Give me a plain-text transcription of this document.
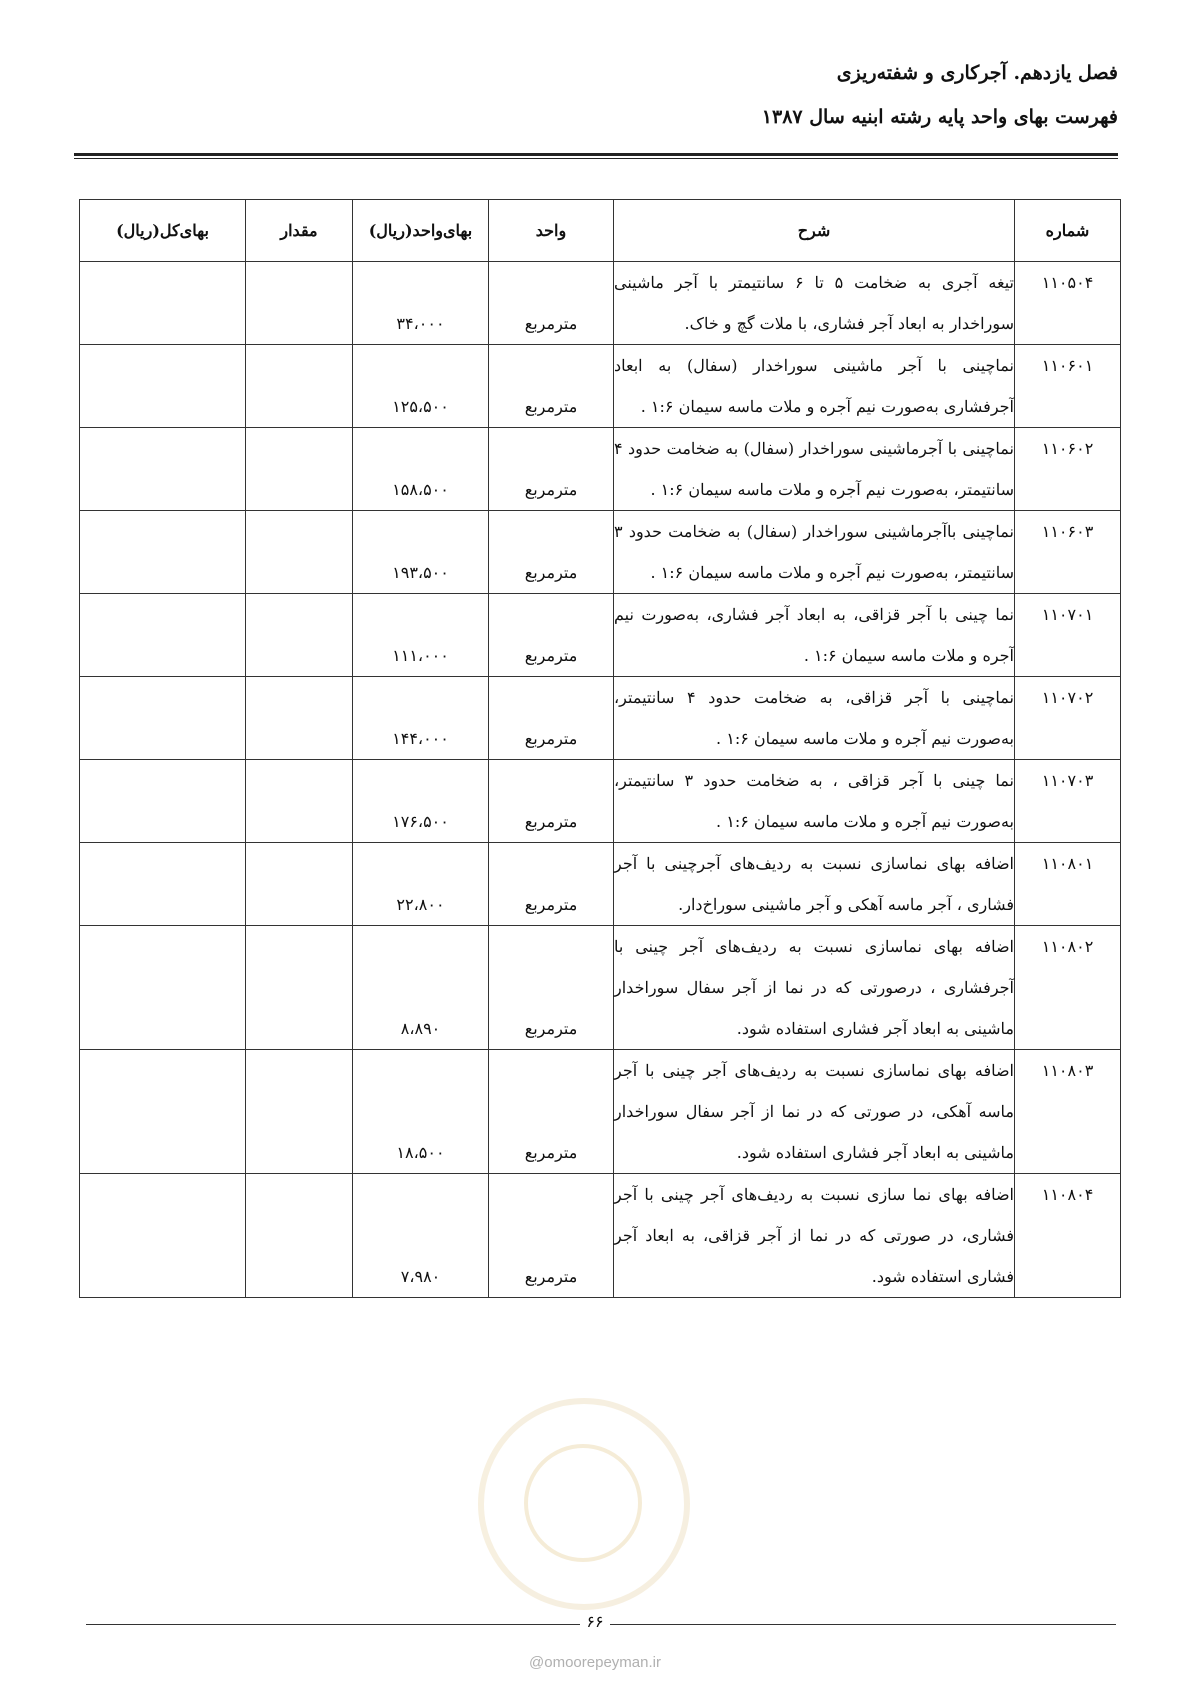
فصل یازدهم. آجرکاری و شفته‌ریزی
فهرست بهای واحد پایه رشته ابنیه سال ۱۳۸۷
شماره	شرح	واحد	بهای‌واحد(ریال)	مقدار	بهای‌کل(ریال)
۱۱۰۵۰۴	تیغه آجری به ضخامت ۵ تا ۶ سانتیمتر با آجر ماشینی سوراخدار به ابعاد آجر فشاری، با ملات گچ و خاک.	مترمربع	۳۴،۰۰۰		
۱۱۰۶۰۱	نماچینی با آجر ماشینی سوراخدار (سفال) به ابعاد آجرفشاری به‌صورت نیم آجره و ملات ماسه سیمان ۱:۶ .	مترمربع	۱۲۵،۵۰۰		
۱۱۰۶۰۲	نماچینی با آجرماشینی سوراخدار (سفال) به ضخامت حدود ۴ سانتیمتر، به‌صورت نیم آجره و ملات ماسه سیمان ۱:۶ .	مترمربع	۱۵۸،۵۰۰		
۱۱۰۶۰۳	نماچینی باآجرماشینی سوراخدار (سفال) به ضخامت حدود ۳ سانتیمتر، به‌صورت نیم آجره و ملات ماسه سیمان ۱:۶ .	مترمربع	۱۹۳،۵۰۰		
۱۱۰۷۰۱	نما چینی با آجر قزاقی، به ابعاد آجر فشاری، به‌صورت نیم آجره و ملات ماسه سیمان ۱:۶ .	مترمربع	۱۱۱،۰۰۰		
۱۱۰۷۰۲	نماچینی با آجر قزاقی، به ضخامت حدود ۴ سانتیمتر، به‌صورت نیم آجره و ملات ماسه سیمان ۱:۶ .	مترمربع	۱۴۴،۰۰۰		
۱۱۰۷۰۳	نما چینی با آجر قزاقی ، به ضخامت حدود ۳ سانتیمتر، به‌صورت نیم آجره و ملات ماسه سیمان ۱:۶ .	مترمربع	۱۷۶،۵۰۰		
۱۱۰۸۰۱	اضافه بهای نماسازی نسبت به ردیف‌های آجرچینی با آجر فشاری ، آجر ماسه آهکی و آجر ماشینی سوراخ‌دار.	مترمربع	۲۲،۸۰۰		
۱۱۰۸۰۲	اضافه بهای نماسازی نسبت به ردیف‌های آجر چینی با آجرفشاری ، درصورتی که در نما از آجر سفال سوراخدار ماشینی به ابعاد آجر فشاری استفاده شود.	مترمربع	۸،۸۹۰		
۱۱۰۸۰۳	اضافه بهای نماسازی نسبت به ردیف‌های آجر چینی با آجر ماسه آهکی، در صورتی که در نما از آجر سفال سوراخدار ماشینی به ابعاد آجر فشاری استفاده شود.	مترمربع	۱۸،۵۰۰		
۱۱۰۸۰۴	اضافه بهای نما سازی نسبت به ردیف‌های آجر چینی با آجر فشاری، در صورتی که در نما از آجر قزاقی، به ابعاد آجر فشاری استفاده شود.	مترمربع	۷،۹۸۰		
۶۶
@omoorepeyman.ir
